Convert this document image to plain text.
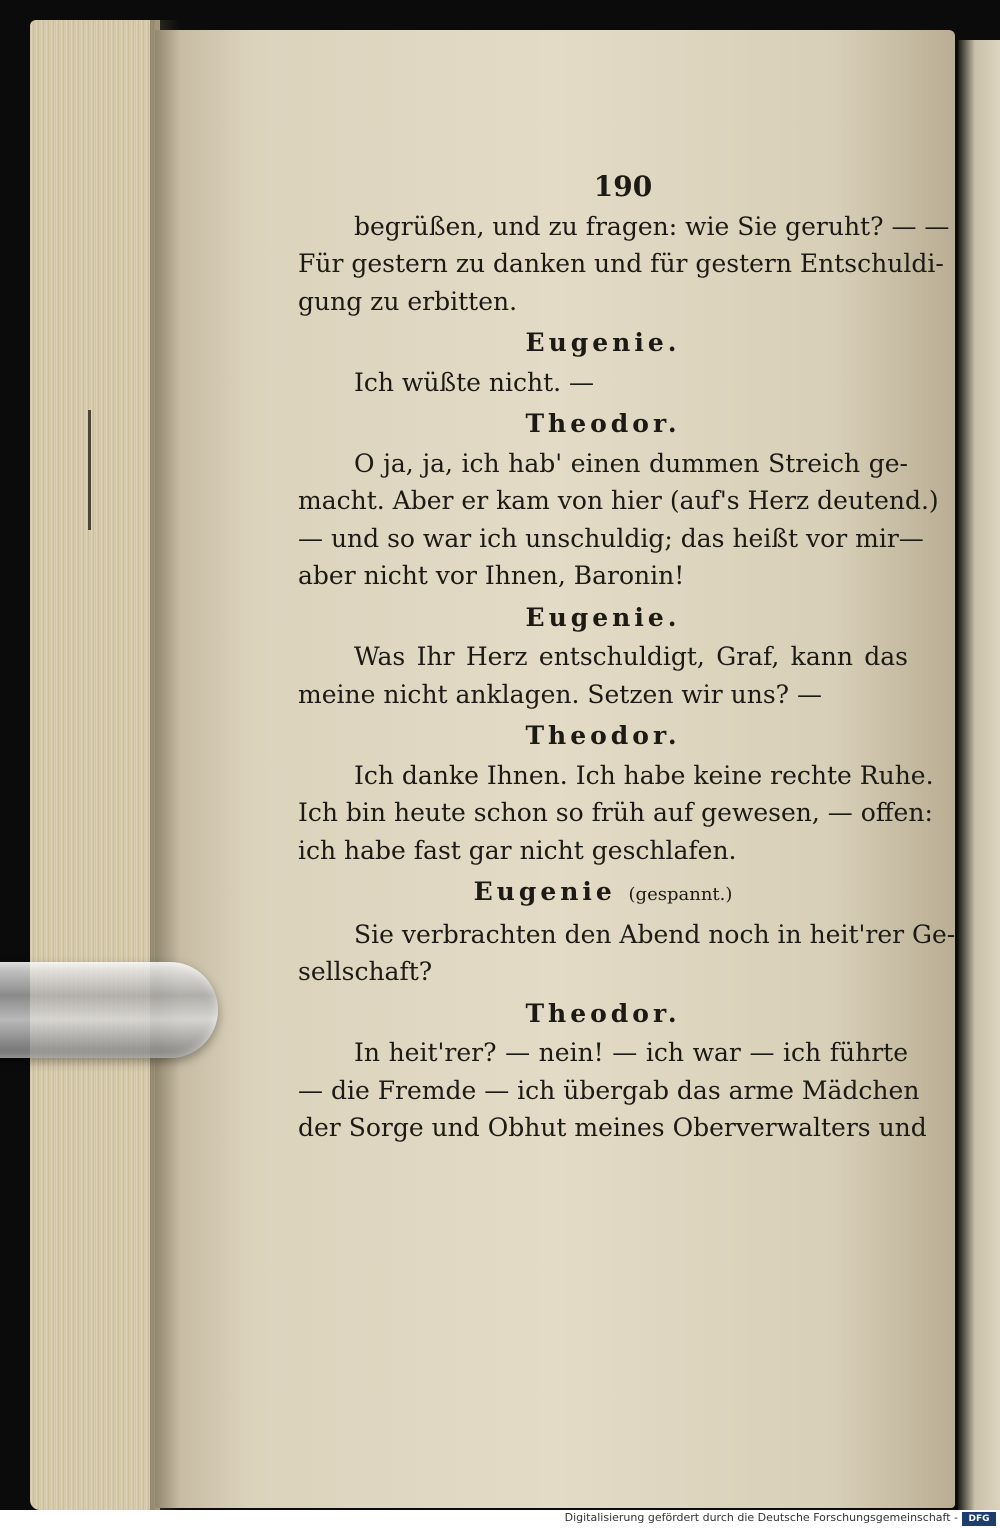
190
begrüßen, und zu fragen: wie Sie geruht? — —
Für gestern zu danken und für gestern Entschuldi-
gung zu erbitten.
Eugenie.
Ich wüßte nicht. —
Theodor.
O ja, ja, ich hab' einen dummen Streich ge-
macht. Aber er kam von hier (auf's Herz deutend.)
— und so war ich unschuldig; das heißt vor mir—
aber nicht vor Ihnen, Baronin!
Eugenie.
Was Ihr Herz entschuldigt, Graf, kann das
meine nicht anklagen. Setzen wir uns? —
Theodor.
Ich danke Ihnen. Ich habe keine rechte Ruhe.
Ich bin heute schon so früh auf gewesen, — offen:
ich habe fast gar nicht geschlafen.
Eugenie (gespannt.)
Sie verbrachten den Abend noch in heit'rer Ge-
sellschaft?
Theodor.
In heit'rer? — nein! — ich war — ich führte
— die Fremde — ich übergab das arme Mädchen
der Sorge und Obhut meines Oberverwalters und
Digitalisierung gefördert durch die Deutsche Forschungsgemeinschaft -	DFG
